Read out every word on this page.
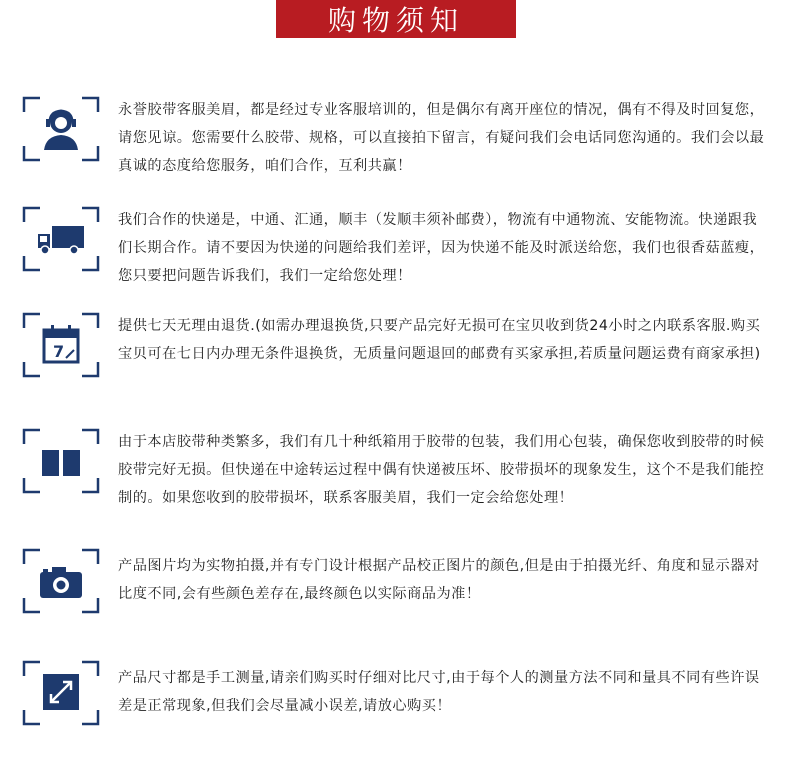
购物须知
永誉胶带客服美眉，都是经过专业客服培训的，但是偶尔有离开座位的情况，偶有不得及时回复您，请您见谅。您需要什么胶带、规格，可以直接拍下留言，有疑问我们会电话同您沟通的。我们会以最真诚的态度给您服务，咱们合作，互利共赢！
我们合作的快递是，中通、汇通，顺丰（发顺丰须补邮费），物流有中通物流、安能物流。快递跟我们长期合作。请不要因为快递的问题给我们差评，因为快递不能及时派送给您，我们也很香菇蓝瘦，您只要把问题告诉我们，我们一定给您处理！
7
提供七天无理由退货.(如需办理退换货,只要产品完好无损可在宝贝收到货24小时之内联系客服.购买宝贝可在七日内办理无条件退换货，无质量问题退回的邮费有买家承担,若质量问题运费有商家承担)
由于本店胶带种类繁多，我们有几十种纸箱用于胶带的包装，我们用心包装，确保您收到胶带的时候胶带完好无损。但快递在中途转运过程中偶有快递被压坏、胶带损坏的现象发生，这个不是我们能控制的。如果您收到的胶带损坏，联系客服美眉，我们一定会给您处理！
产品图片均为实物拍摄,并有专门设计根据产品校正图片的颜色,但是由于拍摄光纤、角度和显示器对比度不同,会有些颜色差存在,最终颜色以实际商品为准！
产品尺寸都是手工测量,请亲们购买时仔细对比尺寸,由于每个人的测量方法不同和量具不同有些许误差是正常现象,但我们会尽量减小误差,请放心购买！
